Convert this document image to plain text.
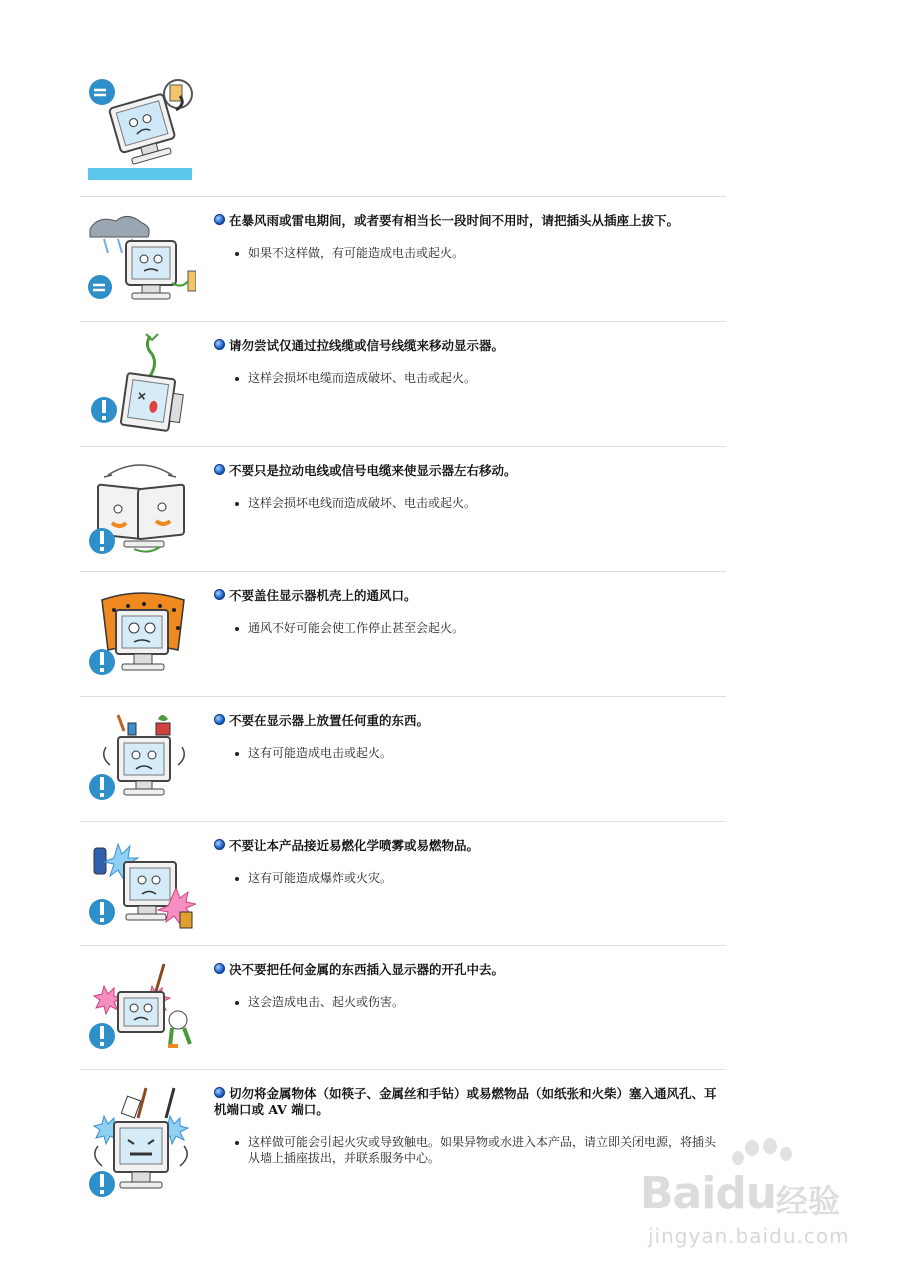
在暴风雨或雷电期间，或者要有相当长一段时间不用时，请把插头从插座上拔下。
如果不这样做，有可能造成电击或起火。
请勿尝试仅通过拉线缆或信号线缆来移动显示器。
这样会损坏电缆而造成破坏、电击或起火。
不要只是拉动电线或信号电缆来使显示器左右移动。
这样会损坏电线而造成破坏、电击或起火。
不要盖住显示器机壳上的通风口。
通风不好可能会使工作停止甚至会起火。
不要在显示器上放置任何重的东西。
这有可能造成电击或起火。
不要让本产品接近易燃化学喷雾或易燃物品。
这有可能造成爆炸或火灾。
决不要把任何金属的东西插入显示器的开孔中去。
这会造成电击、起火或伤害。
切勿将金属物体（如筷子、金属丝和手钻）或易燃物品（如纸张和火柴）塞入通风孔、耳机端口或 AV 端口。
这样做可能会引起火灾或导致触电。如果异物或水进入本产品，请立即关闭电源，将插头从墙上插座拔出，并联系服务中心。
Baidu 经验
jingyan.baidu.com
